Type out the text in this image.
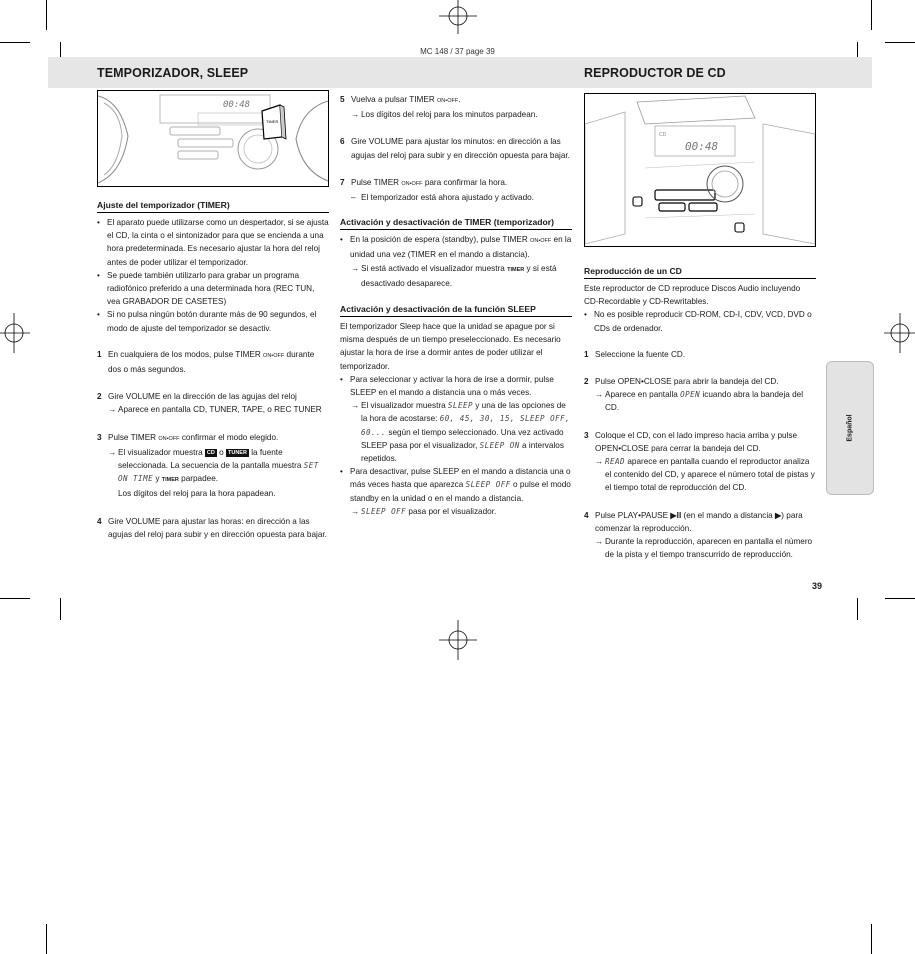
MC 148 / 37 page 39
TEMPORIZADOR, SLEEP	REPRODUCTOR DE CD
TIMER
00:48
00:48
CD
Ajuste del temporizador (TIMER)
• El aparato puede utilizarse como un despertador, si se ajusta el CD, la cinta o el sintonizador para que se encienda a una hora predeterminada. Es necesario ajustar la hora del reloj antes de poder utilizar el temporizador.
• Se puede también utilizarlo para grabar un programa radiofónico preferido a una determinada hora (REC TUN, vea GRABADOR DE CASETES)
• Si no pulsa ningún botón durante más de 90 segundos, el modo de ajuste del temporizador se desactiv.
1 En cualquiera de los modos, pulse TIMER ON•OFF durante dos o más segundos.
2 Gire VOLUME en la dirección de las agujas del reloj
→ Aparece en pantalla CD, TUNER, TAPE, o REC TUNER
3 Pulse TIMER ON•OFF confirmar el modo elegido.
→ El visualizador muestra CD o TUNER la fuente seleccionada. La secuencia de la pantalla muestra SET ON TIME y TIMER parpadee.
Los dígitos del reloj para la hora papadean.
4 Gire VOLUME para ajustar las horas: en dirección a las agujas del reloj para subir y en dirección opuesta para bajar.
5 Vuelva a pulsar TIMER ON•OFF.
→ Los dígitos del reloj para los minutos parpadean.
6 Gire VOLUME para ajustar los minutos: en dirección a las agujas del reloj para subir y en dirección opuesta para bajar.
7 Pulse TIMER ON•OFF para confirmar la hora.
– El temporizador está ahora ajustado y activado.
Activación y desactivación de TIMER (temporizador)
• En la posición de espera (standby), pulse TIMER ON•OFF en la unidad una vez (TIMER en el mando a distancia).
→ Si está activado el visualizador muestra TIMER y si está desactivado desaparece.
Activación y desactivación de la función SLEEP

El temporizador Sleep hace que la unidad se apague por si misma después de un tiempo preseleccionado. Es necesario ajustar la hora de irse a dormir antes de poder utilizar el temporizador.

• Para seleccionar y activar la hora de irse a dormir, pulse SLEEP en el mando a distancia una o más veces.
→ El visualizador muestra SLEEP y una de las opciones de la hora de acostarse: 60, 45, 30, 15, SLEEP OFF, 60... según el tiempo seleccionado. Una vez activado SLEEP pasa por el visualizador, SLEEP ON a intervalos repetidos.
• Para desactivar, pulse SLEEP en el mando a distancia una o más veces hasta que aparezca SLEEP OFF o pulse el modo standby en la unidad o en el mando a distancia.
→ SLEEP OFF pasa por el visualizador.
Reproducción de un CD

Este reproductor de CD reproduce Discos Audio incluyendo CD-Recordable y CD-Rewritables.

• No es posible reproducir CD-ROM, CD-I, CDV, VCD, DVD o CDs de ordenador.
1 Seleccione la fuente CD.
2 Pulse OPEN•CLOSE para abrir la bandeja del CD.
→ Aparece en pantalla OPEN icuando abra la bandeja del CD.
3 Coloque el CD, con el lado impreso hacia arriba y pulse OPEN•CLOSE para cerrar la bandeja del CD.
→ READ aparece en pantalla cuando el reproductor analiza el contenido del CD, y aparece el número total de pistas y el tiempo total de reproducción del CD.
4 Pulse PLAY•PAUSE ▶II (en el mando a distancia ▶) para comenzar la reproducción.
→ Durante la reproducción, aparecen en pantalla el número de la pista y el tiempo transcurrido de reproducción.
Español
39
